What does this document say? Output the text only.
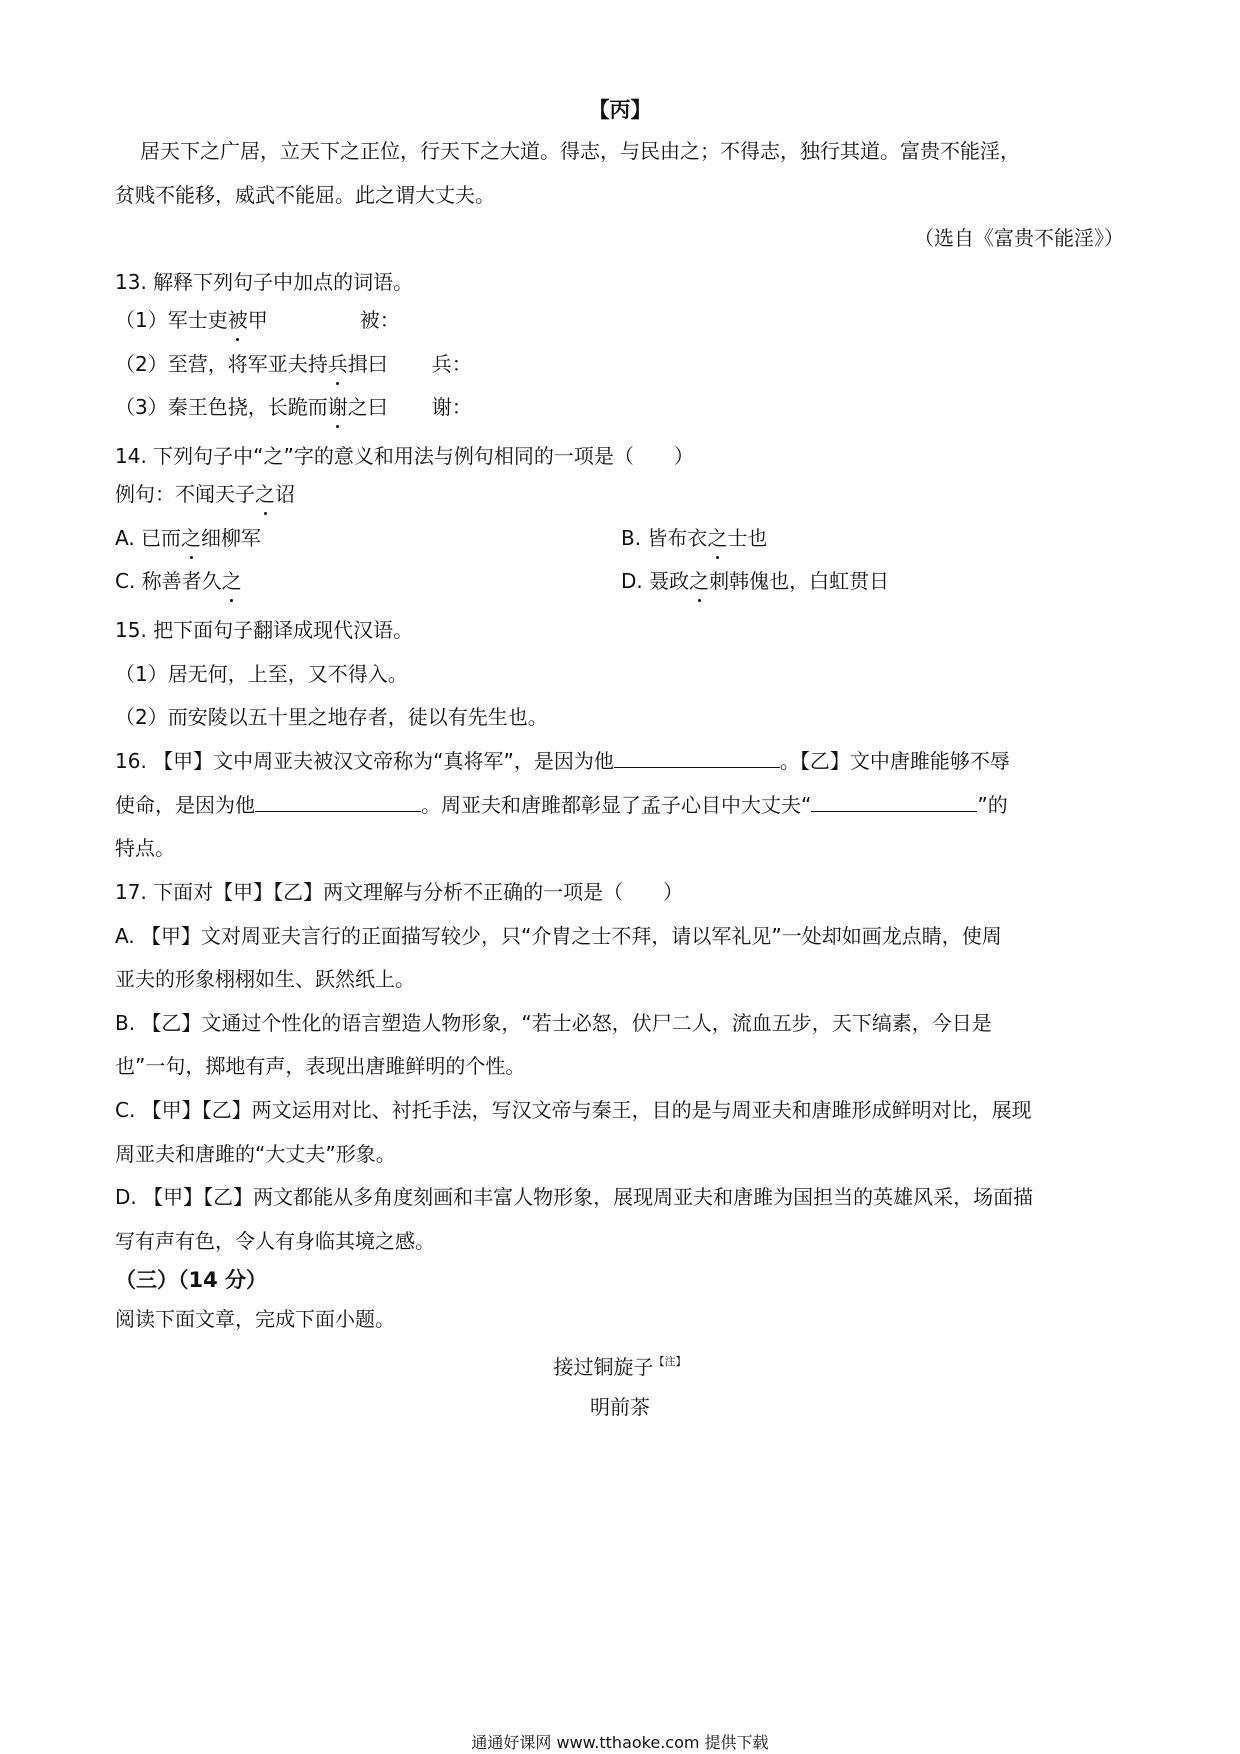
【丙】
居天下之广居，立天下之正位，行天下之大道。得志，与民由之；不得志，独行其道。富贵不能淫，
贫贱不能移，威武不能屈。此之谓大丈夫。
（选自《富贵不能淫》）
13. 解释下列句子中加点的词语。
（1）军士吏被甲	被：
（2）至营，将军亚夫持兵揖曰 兵：
（3）秦王色挠，长跪而谢之曰 谢：
14. 下列句子中“之”字的意义和用法与例句相同的一项是（　　）
例句：不闻天子之诏
A. 已而之细柳军	B. 皆布衣之士也
C. 称善者久之	D. 聂政之刺韩傀也，白虹贯日
15. 把下面句子翻译成现代汉语。
（1）居无何，上至，又不得入。
（2）而安陵以五十里之地存者，徒以有先生也。
16. 【甲】文中周亚夫被汉文帝称为“真将军”，是因为他	。【乙】文中唐雎能够不辱
使命，是因为他	。周亚夫和唐雎都彰显了孟子心目中大丈夫“	”的
特点。
17. 下面对【甲】【乙】两文理解与分析不正确的一项是（　　）
A. 【甲】文对周亚夫言行的正面描写较少，只“介胄之士不拜，请以军礼见”一处却如画龙点睛，使周
亚夫的形象栩栩如生、跃然纸上。
B. 【乙】文通过个性化的语言塑造人物形象，“若士必怒，伏尸二人，流血五步，天下缟素，今日是
也”一句，掷地有声，表现出唐雎鲜明的个性。
C. 【甲】【乙】两文运用对比、衬托手法，写汉文帝与秦王，目的是与周亚夫和唐雎形成鲜明对比，展现
周亚夫和唐雎的“大丈夫”形象。
D. 【甲】【乙】两文都能从多角度刻画和丰富人物形象，展现周亚夫和唐雎为国担当的英雄风采，场面描
写有声有色，令人有身临其境之感。
（三）（14 分）
阅读下面文章，完成下面小题。
接过铜旋子$^{【注】}$
明前茶
通通好课网 www.tthaoke.com 提供下载
